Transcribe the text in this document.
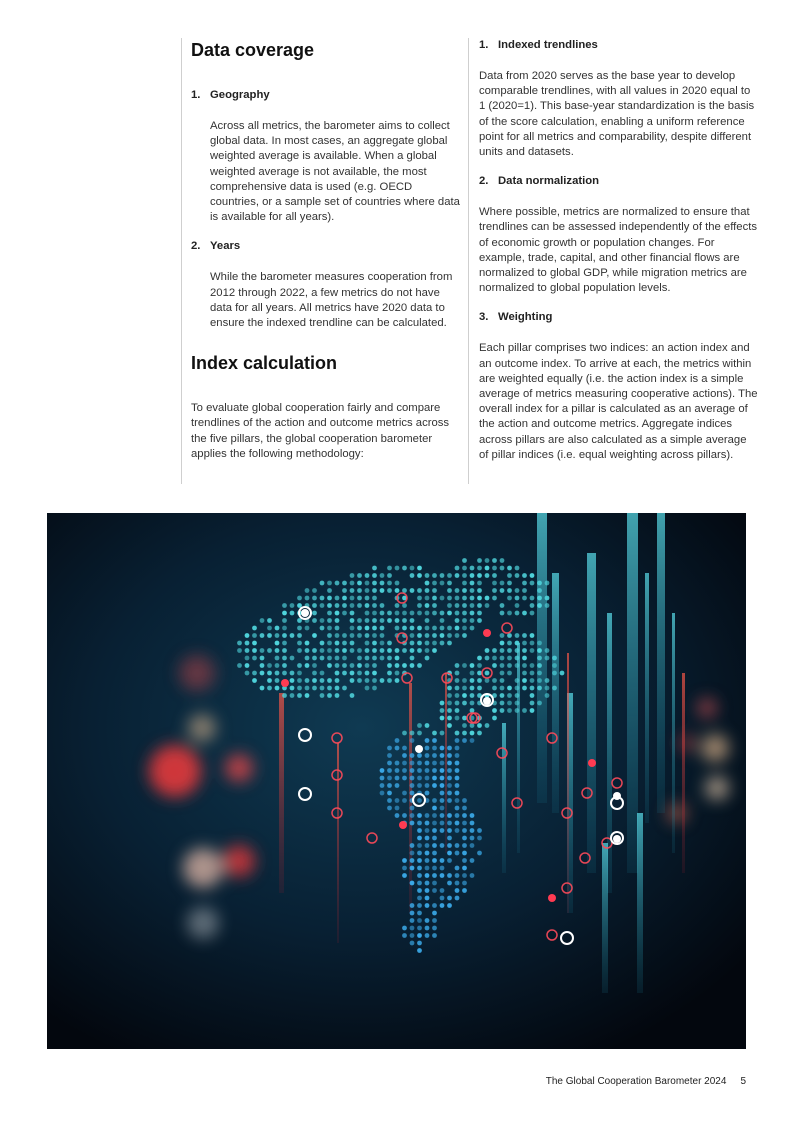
Data coverage
1. Geography

Across all metrics, the barometer aims to collect global data. In most cases, an aggregate global weighted average is available. When a global weighted average is not available, the most comprehensive data is used (e.g. OECD countries, or a sample set of countries where data is available for all years).

2. Years

While the barometer measures cooperation from 2012 through 2022, a few metrics do not have data for all years. All metrics have 2020 data to ensure the indexed trendline can be calculated.

Index calculation

To evaluate global cooperation fairly and compare trendlines of the action and outcome metrics across the five pillars, the global cooperation barometer applies the following methodology:

1. Indexed trendlines

Data from 2020 serves as the base year to develop comparable trendlines, with all values in 2020 equal to 1 (2020=1). This base-year standardization is the basis of the score calculation, enabling a uniform reference point for all metrics and comparability, despite different units and datasets.

2. Data normalization

Where possible, metrics are normalized to ensure that trendlines can be assessed independently of the effects of economic growth or population changes. For example, trade, capital, and other financial flows are normalized to global GDP, while migration metrics are normalized to global population levels.

3. Weighting

Each pillar comprises two indices: an action index and an outcome index. To arrive at each, the metrics within are weighted equally (i.e. the action index is a simple average of metrics measuring cooperative actions). The overall index for a pillar is calculated as an average of the action and outcome metrics. Aggregate indices across pillars are also calculated as a simple average of pillar indices (i.e. equal weighting across pillars).

The Global Cooperation Barometer 2024 5
